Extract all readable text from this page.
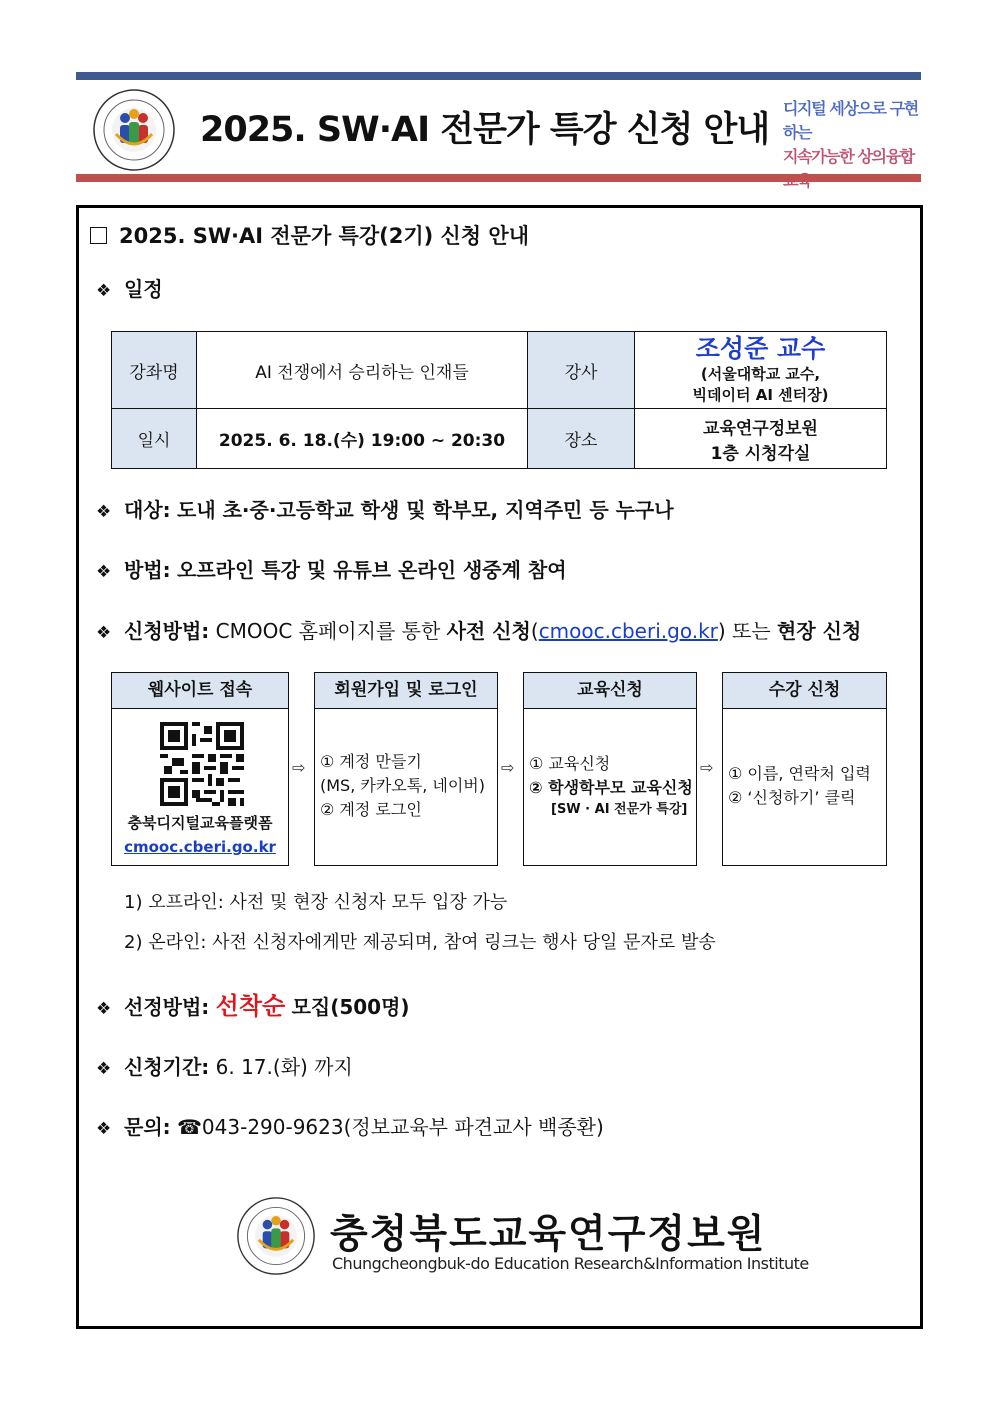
2025. SW·AI 전문가 특강 신청 안내
디지털 세상으로 구현하는
지속가능한 상의융합
2025. SW·AI 전문가 특강(2기) 신청 안내
❖ 일정
강좌명	AI 전쟁에서 승리하는 인재들	강사	조성준 교수
(서울대학교 교수,
빅데이터 AI 센터장)

일시	2025. 6. 18.(수) 19:00 ~ 20:30	장소	교육연구정보원
1층 시청각실
❖ 대상: 도내 초·중·고등학교 학생 및 학부모, 지역주민 등 누구나
❖ 방법: 오프라인 특강 및 유튜브 온라인 생중계 참여
❖ 신청방법: CMOOC 홈페이지를 통한 사전 신청(cmooc.cberi.go.kr) 또는 현장 신청
웹사이트 접속
충북디지털교육플랫폼
cmooc.cberi.go.kr
⇨
회원가입 및 로그인
① 계정 만들기
(MS, 카카오톡, 네이버)
② 계정 로그인
⇨
교육신청
① 교육신청
② 학생학부모 교육신청
[SW · AI 전문가 특강]
⇨
수강 신청
① 이름, 연락처 입력
② ‘신청하기’ 클릭
1) 오프라인: 사전 및 현장 신청자 모두 입장 가능
2) 온라인: 사전 신청자에게만 제공되며, 참여 링크는 행사 당일 문자로 발송
❖ 선정방법: 선착순 모집(500명)
❖ 신청기간: 6. 17.(화) 까지
❖ 문의: ☎043-290-9623(정보교육부 파견교사 백종환)
충청북도교육연구정보원
Chungcheongbuk-do Education Research&Information Institute
